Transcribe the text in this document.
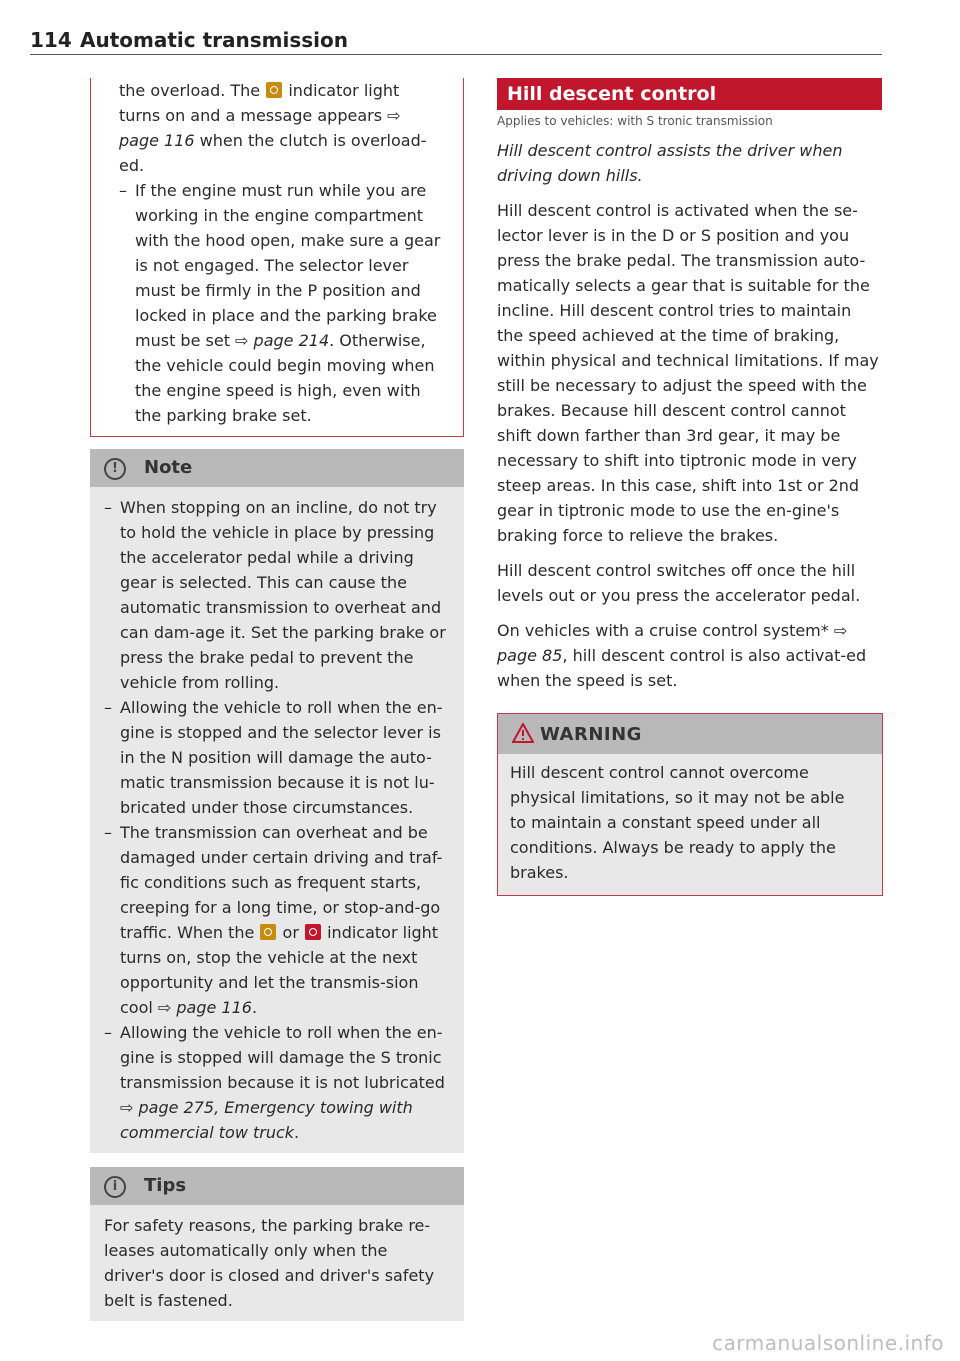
114 Automatic transmission

the overload. The  indicator light turns on and a message appears ⇨ page 116 when the clutch is overload-ed.

– If the engine must run while you are working in the engine compartment with the hood open, make sure a gear is not engaged. The selector lever must be firmly in the P position and locked in place and the parking brake must be set ⇨ page 214. Otherwise, the vehicle could begin moving when the engine speed is high, even with the parking brake set.

!	Note

– When stopping on an incline, do not try to hold the vehicle in place by pressing the accelerator pedal while a driving gear is selected. This can cause the automatic transmission to overheat and can dam-age it. Set the parking brake or press the brake pedal to prevent the vehicle from rolling.

– Allowing the vehicle to roll when the en-gine is stopped and the selector lever is in the N position will damage the auto-matic transmission because it is not lu-bricated under those circumstances.

– The transmission can overheat and be damaged under certain driving and traf-fic conditions such as frequent starts, creeping for a long time, or stop-and-go traffic. When the  or  indicator light turns on, stop the vehicle at the next opportunity and let the transmis-sion cool ⇨ page 116.

– Allowing the vehicle to roll when the en-gine is stopped will damage the S tronic transmission because it is not lubricated ⇨ page 275, Emergency towing with commercial tow truck.

i	Tips

For safety reasons, the parking brake re-leases automatically only when the driver's door is closed and driver's safety belt is fastened.

Hill descent control
Applies to vehicles: with S tronic transmission

Hill descent control assists the driver when driving down hills.

Hill descent control is activated when the se-lector lever is in the D or S position and you press the brake pedal. The transmission auto-matically selects a gear that is suitable for the incline. Hill descent control tries to maintain the speed achieved at the time of braking, within physical and technical limitations. If may still be necessary to adjust the speed with the brakes. Because hill descent control cannot shift down farther than 3rd gear, it may be necessary to shift into tiptronic mode in very steep areas. In this case, shift into 1st or 2nd gear in tiptronic mode to use the en-gine's braking force to relieve the brakes.

Hill descent control switches off once the hill levels out or you press the accelerator pedal.

On vehicles with a cruise control system* ⇨ page 85, hill descent control is also activat-ed when the speed is set.

WARNING

Hill descent control cannot overcome physical limitations, so it may not be able to maintain a constant speed under all conditions. Always be ready to apply the brakes.

carmanualsonline.info
